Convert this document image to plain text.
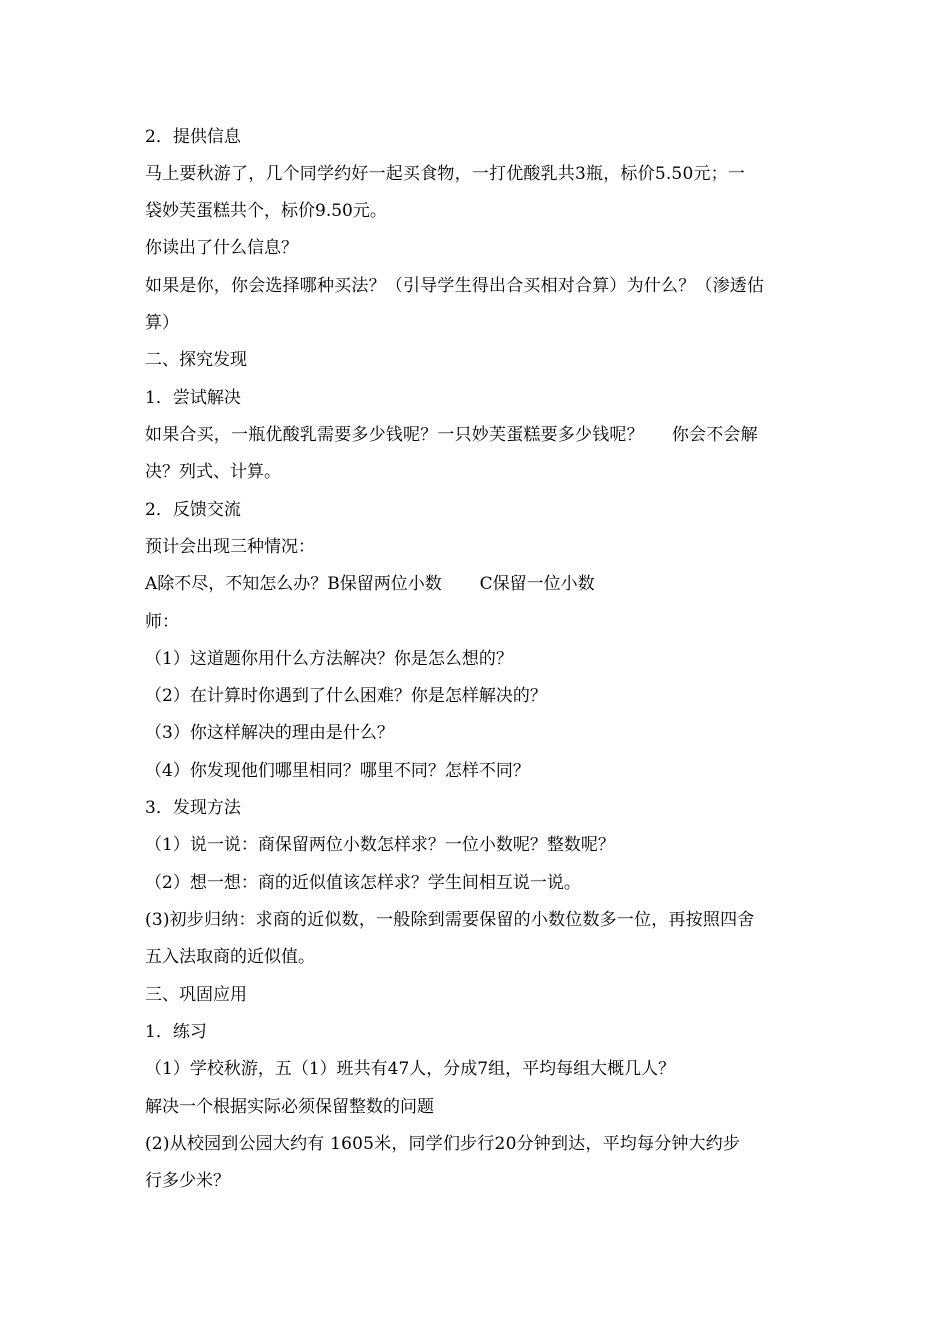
2．提供信息
马上要秋游了，几个同学约好一起买食物，一打优酸乳共3瓶，标价5.50元；一
袋妙芙蛋糕共个，标价9.50元。
你读出了什么信息？
如果是你，你会选择哪种买法？（引导学生得出合买相对合算）为什么？（渗透估
算）
二、探究发现
1．尝试解决
如果合买，一瓶优酸乳需要多少钱呢？一只妙芙蛋糕要多少钱呢？     你会不会解
决？列式、计算。
2．反馈交流
预计会出现三种情况：
A除不尽，不知怎么办？B保留两位小数       C保留一位小数
师：
（1）这道题你用什么方法解决？你是怎么想的？
（2）在计算时你遇到了什么困难？你是怎样解决的？
（3）你这样解决的理由是什么？
（4）你发现他们哪里相同？哪里不同？怎样不同？
3．发现方法
（1）说一说：商保留两位小数怎样求？一位小数呢？整数呢？
（2）想一想：商的近似值该怎样求？学生间相互说一说。
(3)初步归纳：求商的近似数，一般除到需要保留的小数位数多一位，再按照四舍
五入法取商的近似值。
三、巩固应用
1．练习
（1）学校秋游，五（1）班共有47人，分成7组，平均每组大概几人？
解决一个根据实际必须保留整数的问题
(2)从校园到公园大约有 1605米，同学们步行20分钟到达，平均每分钟大约步
行多少米？
